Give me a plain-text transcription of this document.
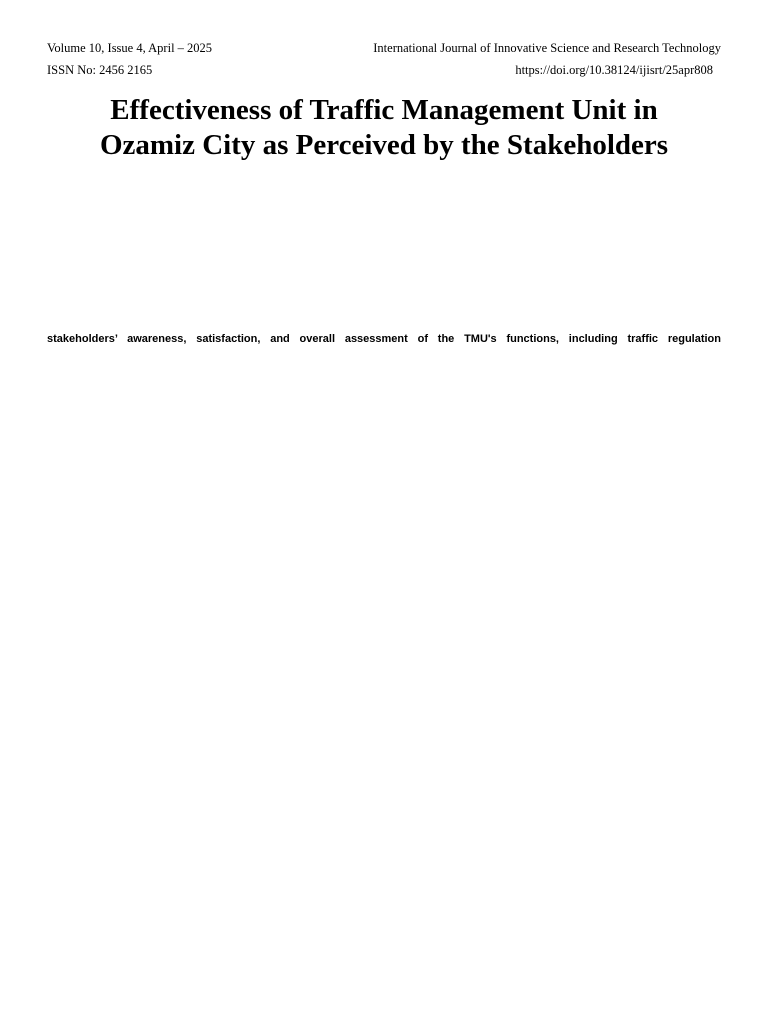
Volume 10, Issue 4, April – 2025	International Journal of Innovative Science and Research Technology
ISSN No: 2456 2165	https://doi.org/10.38124/ijisrt/25apr808
Effectiveness of Traffic Management Unit in
Ozamiz City as Perceived by the Stakeholders
stakeholders’ awareness, satisfaction, and overall assessment of the TMU's functions, including traffic regulation
